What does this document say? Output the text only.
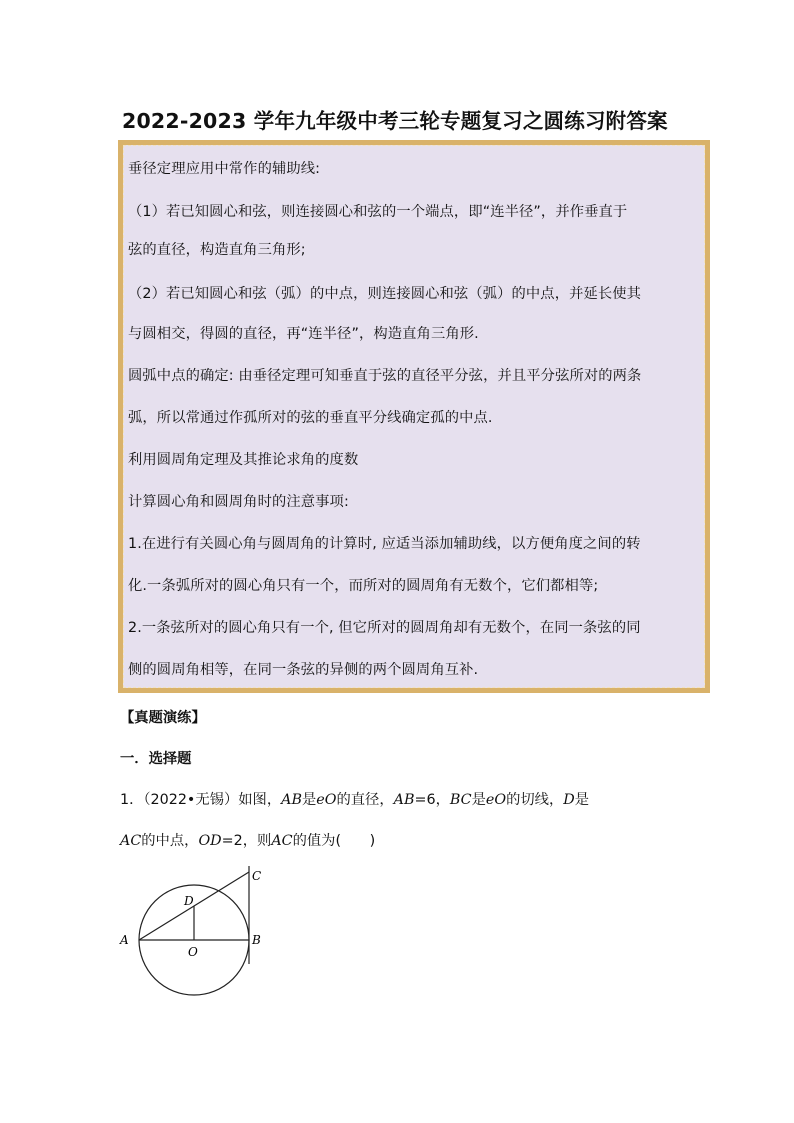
2022-2023 学年九年级中考三轮专题复习之圆练习附答案
垂径定理应用中常作的辅助线:
（1）若已知圆心和弦，则连接圆心和弦的一个端点，即“连半径”，并作垂直于
弦的直径，构造直角三角形;
（2）若已知圆心和弦（弧）的中点，则连接圆心和弦（弧）的中点，并延长使其
与圆相交，得圆的直径，再“连半径”，构造直角三角形.
圆弧中点的确定: 由垂径定理可知垂直于弦的直径平分弦，并且平分弦所对的两条
弧，所以常通过作孤所对的弦的垂直平分线确定孤的中点.
利用圆周角定理及其推论求角的度数
计算圆心角和圆周角时的注意事项:
1.在进行有关圆心角与圆周角的计算时, 应适当添加辅助线，以方便角度之间的转
化.一条弧所对的圆心角只有一个，而所对的圆周角有无数个，它们都相等;
2.一条弦所对的圆心角只有一个, 但它所对的圆周角却有无数个，在同一条弦的同
侧的圆周角相等，在同一条弦的异侧的两个圆周角互补.
【真题演练】
一．选择题
1．（2022•无锡）如图，AB是eO的直径，AB=6，BC是eO的切线，D是
AC的中点，OD=2，则AC的值为(　　)
A	B
C
D
O
